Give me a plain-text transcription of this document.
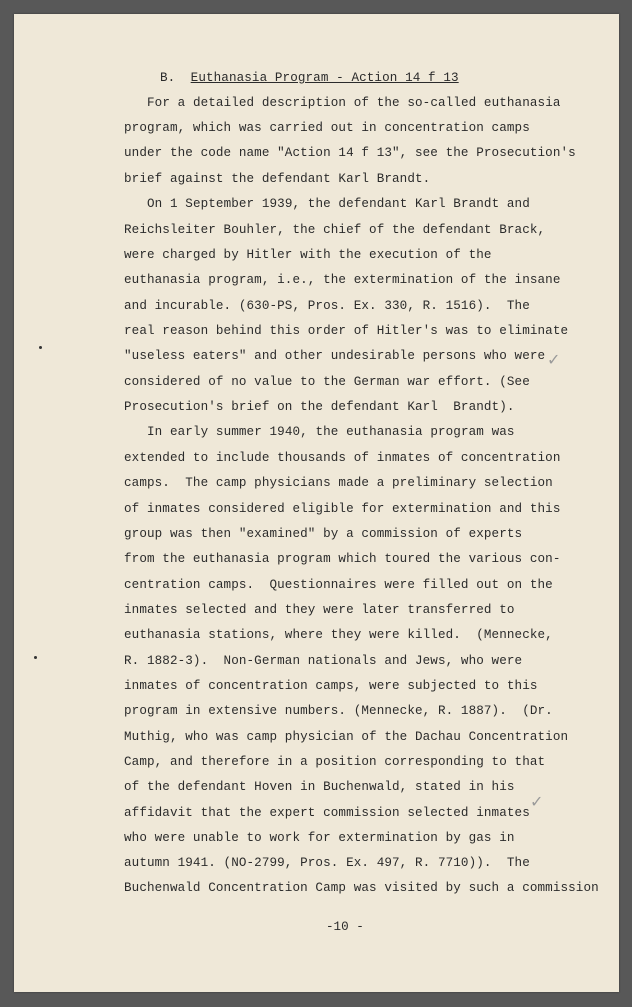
B. Euthanasia Program - Action 14 f 13
For a detailed description of the so-called euthanasia
program, which was carried out in concentration camps
under the code name "Action 14 f 13", see the Prosecution's
brief against the defendant Karl Brandt.
On 1 September 1939, the defendant Karl Brandt and
Reichsleiter Bouhler, the chief of the defendant Brack,
were charged by Hitler with the execution of the
euthanasia program, i.e., the extermination of the insane
and incurable. (630-PS, Pros. Ex. 330, R. 1516).  The
real reason behind this order of Hitler's was to eliminate
"useless eaters" and other undesirable persons who were
considered of no value to the German war effort. (See
Prosecution's brief on the defendant Karl  Brandt).
In early summer 1940, the euthanasia program was
extended to include thousands of inmates of concentration
camps.  The camp physicians made a preliminary selection
of inmates considered eligible for extermination and this
group was then "examined" by a commission of experts
from the euthanasia program which toured the various con-
centration camps.  Questionnaires were filled out on the
inmates selected and they were later transferred to
euthanasia stations, where they were killed.  (Mennecke,
R. 1882-3).  Non-German nationals and Jews, who were
inmates of concentration camps, were subjected to this
program in extensive numbers. (Mennecke, R. 1887).  (Dr.
Muthig, who was camp physician of the Dachau Concentration
Camp, and therefore in a position corresponding to that
of the defendant Hoven in Buchenwald, stated in his
affidavit that the expert commission selected inmates
who were unable to work for extermination by gas in
autumn 1941. (NO-2799, Pros. Ex. 497, R. 7710)).  The
Buchenwald Concentration Camp was visited by such a commission
-10 -
✓
✓
